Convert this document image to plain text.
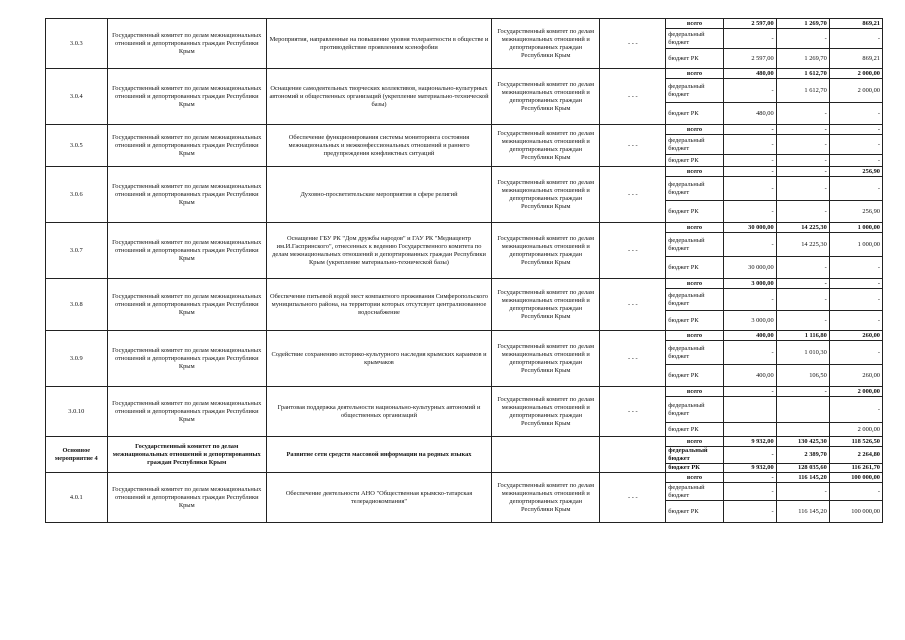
3.0.3	Государственный комитет по делам межнациональных отношений и депортированных граждан Республики Крым	Мероприятия, направленные на повышение уровня толерантности в обществе и противодействие проявлениям ксенофобии	Государственный комитет по делам межнациональных отношений и депортированных граждан Республики Крым	- - -	всего	2 597,00	1 269,70	869,21
					федеральный бюджет	-	-	-
					бюджет РК	2 597,00	1 269,70	869,21
3.0.4	Государственный комитет по делам межнациональных отношений и депортированных граждан Республики Крым	Оснащение самодеятельных творческих коллективов, национально-культурных автономий и общественных организаций (укрепление материально-технической базы)	Государственный комитет по делам межнациональных отношений и депортированных граждан Республики Крым	- - -	всего	480,00	1 612,70	2 000,00
					федеральный бюджет	-	1 612,70	2 000,00
					бюджет РК	480,00	-	-
3.0.5	Государственный комитет по делам межнациональных отношений и депортированных граждан Республики Крым	Обеспечение функционирования системы мониторинга состояния межнациональных и межконфессиональных отношений и раннего предупреждения конфликтных ситуаций	Государственный комитет по делам межнациональных отношений и депортированных граждан Республики Крым	- - -	всего	-	-	-
					федеральный бюджет	-	-	-
					бюджет РК	-	-	-
3.0.6	Государственный комитет по делам межнациональных отношений и депортированных граждан Республики Крым	Духовно-просветительские мероприятия в сфере религий	Государственный комитет по делам межнациональных отношений и депортированных граждан Республики Крым	- - -	всего	-	-	256,90
					федеральный бюджет	-	-	-
					бюджет РК	-	-	256,90
3.0.7	Государственный комитет по делам межнациональных отношений и депортированных граждан Республики Крым	Оснащение ГБУ РК "Дом дружбы народов" и ГАУ РК "Медиацентр им.И.Гаспринского", отнесенных к ведению Государственного комитета по делам межнациональных отношений и депортированных граждан Республики Крым (укрепление материально-технической базы)	Государственный комитет по делам межнациональных отношений и депортированных граждан Республики Крым	- - -	всего	30 000,00	14 225,30	1 000,00
					федеральный бюджет	-	14 225,30	1 000,00
					бюджет РК	30 000,00	-	-
3.0.8	Государственный комитет по делам межнациональных отношений и депортированных граждан Республики Крым	Обеспечение питьевой водой мест компактного проживания Симферопольского муниципального района, на территории которых отсутсвует централизованное водоснабжение	Государственный комитет по делам межнациональных отношений и депортированных граждан Республики Крым	- - -	всего	3 000,00	-	-
					федеральный бюджет	-	-	-
					бюджет РК	3 000,00	-	-
3.0.9	Государственный комитет по делам межнациональных отношений и депортированных граждан Республики Крым	Содействие сохранению историко-культурного наследия крымских караимов и крымчаков	Государственный комитет по делам межнациональных отношений и депортированных граждан Республики Крым	- - -	всего	400,00	1 116,80	260,00
					федеральный бюджет	-	1 010,30	-
					бюджет РК	400,00	106,50	260,00
3.0.10	Государственный комитет по делам межнациональных отношений и депортированных граждан Республики Крым	Грантовая поддержка деятельности национально-культурных автономий и общественных организаций	Государственный комитет по делам межнациональных отношений и депортированных граждан Республики Крым	- - -	всего	-	-	2 000,00
					федеральный бюджет			-
					бюджет РК			2 000,00
Основное мероприятие 4	Государственный комитет по делам межнациональных отношений и депортированных граждан Республики Крым	Развитие сети средств массовой информации на родных языках			всего	9 932,00	130 425,30	118 526,50
					федеральный бюджет	-	2 389,70	2 264,80
					бюджет РК	9 932,00	128 035,60	116 261,70
4.0.1	Государственный комитет по делам межнациональных отношений и депортированных граждан Республики Крым	Обеспечение деятельности АНО "Общественная крымско-татарская телерадиокомпания"	Государственный комитет по делам межнациональных отношений и депортированных граждан Республики Крым	- - -	всего	-	116 145,20	100 000,00
					федеральный бюджет	-	-	-
					бюджет РК	-	116 145,20	100 000,00
